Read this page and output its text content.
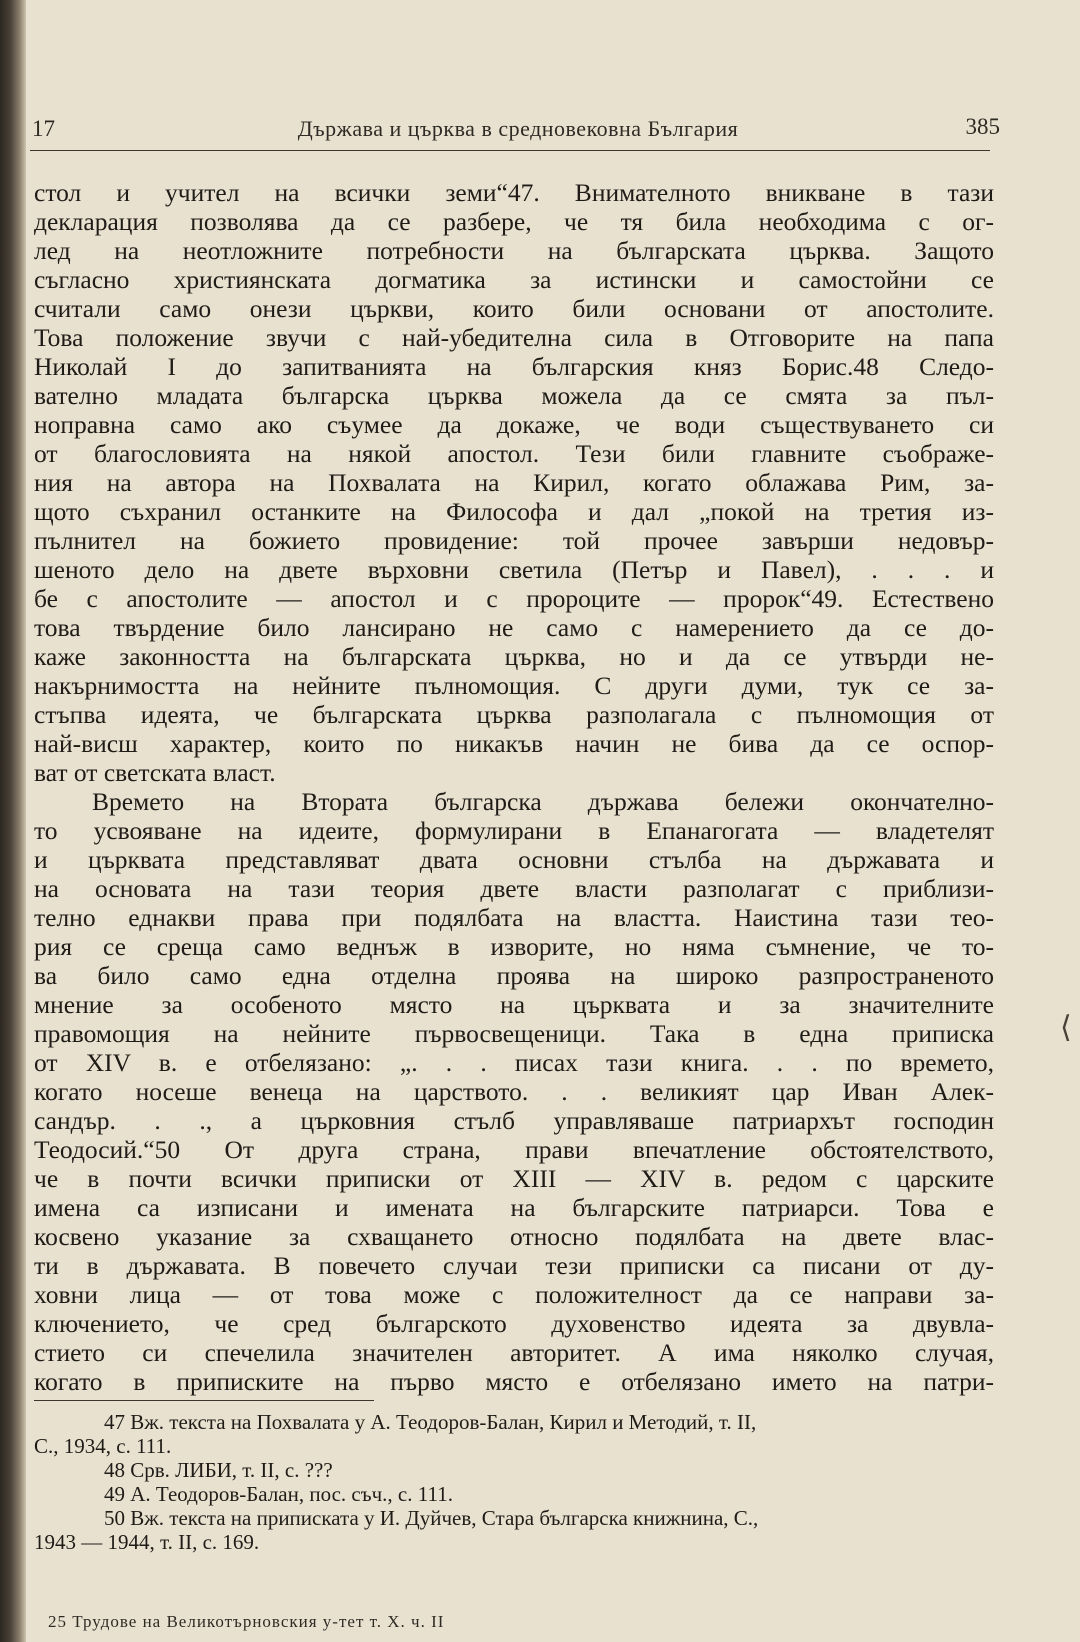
17	Държава и църква в средновековна България	385
стол и учител на всички земи“47. Внимателното вникване в тази
декларация позволява да се разбере, че тя била необходима с ог-
лед на неотложните потребности на българската църква. Защото
съгласно християнската догматика за истински и самостойни се
считали само онези църкви, които били основани от апостолите.
Това положение звучи с най-убедителна сила в Отговорите на папа
Николай I до запитванията на българския княз Борис.48 Следо-
вателно младата българска църква можела да се смята за пъл-
ноправна само ако съумее да докаже, че води съществуването си
от благословията на някой апостол. Тези били главните съображе-
ния на автора на Похвалата на Кирил, когато облажава Рим, за-
щото съхранил останките на Философа и дал „покой на третия из-
пълнител на божието провидение: той прочее завърши недовър-
шеното дело на двете върховни светила (Петър и Павел), . . . и
бе с апостолите — апостол и с пророците — пророк“49. Естествено
това твърдение било лансирано не само с намерението да се до-
каже законността на българската църква, но и да се утвърди не-
накърнимостта на нейните пълномощия. С други думи, тук се за-
стъпва идеята, че българската църква разполагала с пълномощия от
най-висш характер, които по никакъв начин не бива да се оспор-
ват от светската власт.
Времето на Втората българска държава бележи окончателно-
то усвояване на идеите, формулирани в Епанагогата — владетелят
и църквата представляват двата основни стълба на държавата и
на основата на тази теория двете власти разполагат с приблизи-
телно еднакви права при подялбата на властта. Наистина тази тео-
рия се среща само веднъж в изворите, но няма съмнение, че то-
ва било само една отделна проява на широко разпространеното
мнение за особеното място на църквата и за значителните
правомощия на нейните първосвещеници. Така в една приписка
от XIV в. е отбелязано: „. . . писах тази книга. . . по времето,
когато носеше венеца на царството. . . великият цар Иван Алек-
сандър. . ., а църковния стълб управляваше патриархът господин
Теодосий.“50 От друга страна, прави впечатление обстоятелството,
че в почти всички приписки от XIII — XIV в. редом с царските
имена са изписани и имената на българските патриарси. Това е
косвено указание за схващането относно подялбата на двете влас-
ти в държавата. В повечето случаи тези приписки са писани от ду-
ховни лица — от това може с положителност да се направи за-
ключението, че сред българското духовенство идеята за двувла-
стието си спечелила значителен авторитет. А има няколко случая,
когато в приписките на първо място е отбелязано името на патри-
47 Вж. текста на Похвалата у А. Теодоров-Балан, Кирил и Методий, т. II,
С., 1934, с. 111.
48 Срв. ЛИБИ, т. II, с. ???
49 А. Теодоров-Балан, пос. съч., с. 111.
50 Вж. текста на приписката у И. Дуйчев, Стара българска книжнина, С.,
1943 — 1944, т. II, с. 169.
25 Трудове на Великотърновския у-тет т. X. ч. II
⟨
